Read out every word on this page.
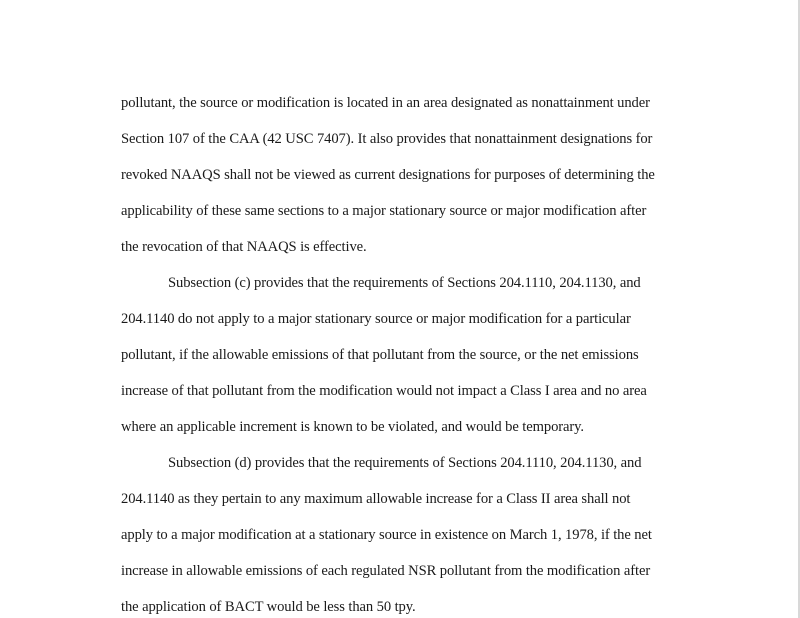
pollutant, the source or modification is located in an area designated as nonattainment under
Section 107 of the CAA (42 USC 7407). It also provides that nonattainment designations for
revoked NAAQS shall not be viewed as current designations for purposes of determining the
applicability of these same sections to a major stationary source or major modification after
the revocation of that NAAQS is effective.
Subsection (c) provides that the requirements of Sections 204.1110, 204.1130, and
204.1140 do not apply to a major stationary source or major modification for a particular
pollutant, if the allowable emissions of that pollutant from the source, or the net emissions
increase of that pollutant from the modification would not impact a Class I area and no area
where an applicable increment is known to be violated, and would be temporary.
Subsection (d) provides that the requirements of Sections 204.1110, 204.1130, and
204.1140 as they pertain to any maximum allowable increase for a Class II area shall not
apply to a major modification at a stationary source in existence on March 1, 1978, if the net
increase in allowable emissions of each regulated NSR pollutant from the modification after
the application of BACT would be less than 50 tpy.
